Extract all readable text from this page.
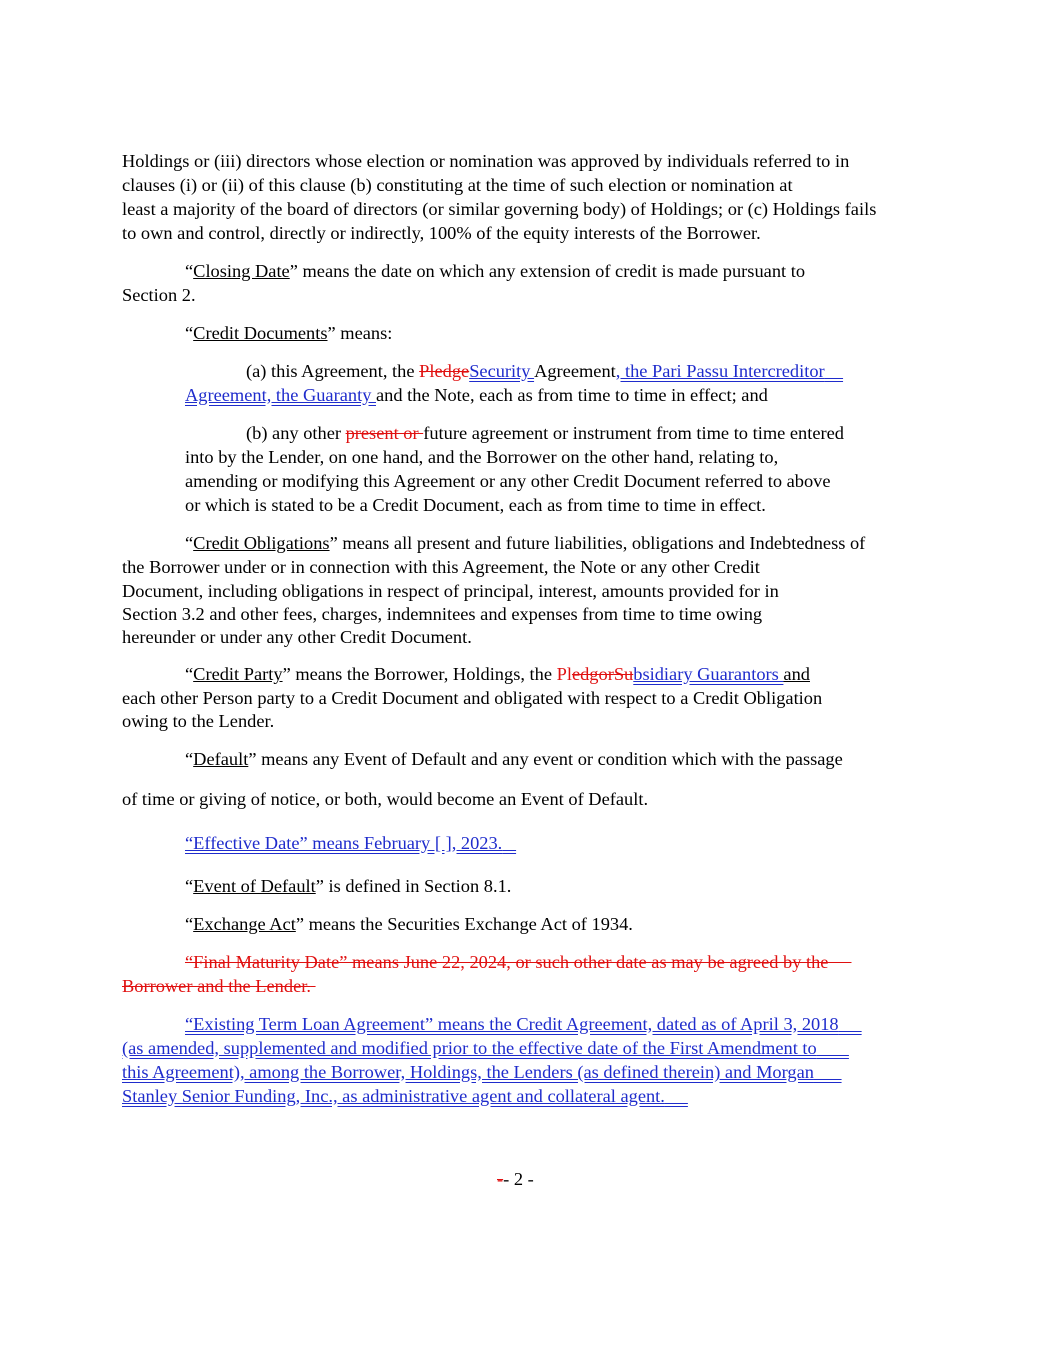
Holdings or (iii) directors whose election or nomination was approved by individuals referred to in
clauses (i) or (ii) of this clause (b) constituting at the time of such election or nomination at
least a majority of the board of directors (or similar governing body) of Holdings; or (c) Holdings fails
to own and control, directly or indirectly, 100% of the equity interests of the Borrower.
“Closing Date” means the date on which any extension of credit is made pursuant to
Section 2.
“Credit Documents” means:
(a) this Agreement, the PledgeSecurity Agreement, the Pari Passu Intercreditor
Agreement, the Guaranty and the Note, each as from time to time in effect; and
(b) any other present or future agreement or instrument from time to time entered
into by the Lender, on one hand, and the Borrower on the other hand, relating to,
amending or modifying this Agreement or any other Credit Document referred to above
or which is stated to be a Credit Document, each as from time to time in effect.
“Credit Obligations” means all present and future liabilities, obligations and Indebtedness of
the Borrower under or in connection with this Agreement, the Note or any other Credit
Document, including obligations in respect of principal, interest, amounts provided for in
Section 3.2 and other fees, charges, indemnitees and expenses from time to time owing
hereunder or under any other Credit Document.
“Credit Party” means the Borrower, Holdings, the PledgorSubsidiary Guarantors and
each other Person party to a Credit Document and obligated with respect to a Credit Obligation
owing to the Lender.
“Default” means any Event of Default and any event or condition which with the passage
of time or giving of notice, or both, would become an Event of Default.
“Effective Date” means February [ ], 2023.
“Event of Default” is defined in Section 8.1.
“Exchange Act” means the Securities Exchange Act of 1934.
“Final Maturity Date” means June 22, 2024, or such other date as may be agreed by the
Borrower and the Lender.
“Existing Term Loan Agreement” means the Credit Agreement, dated as of April 3, 2018
(as amended, supplemented and modified prior to the effective date of the First Amendment to
this Agreement), among the Borrower, Holdings, the Lenders (as defined therein) and Morgan
Stanley Senior Funding, Inc., as administrative agent and collateral agent.
-- 2 -
